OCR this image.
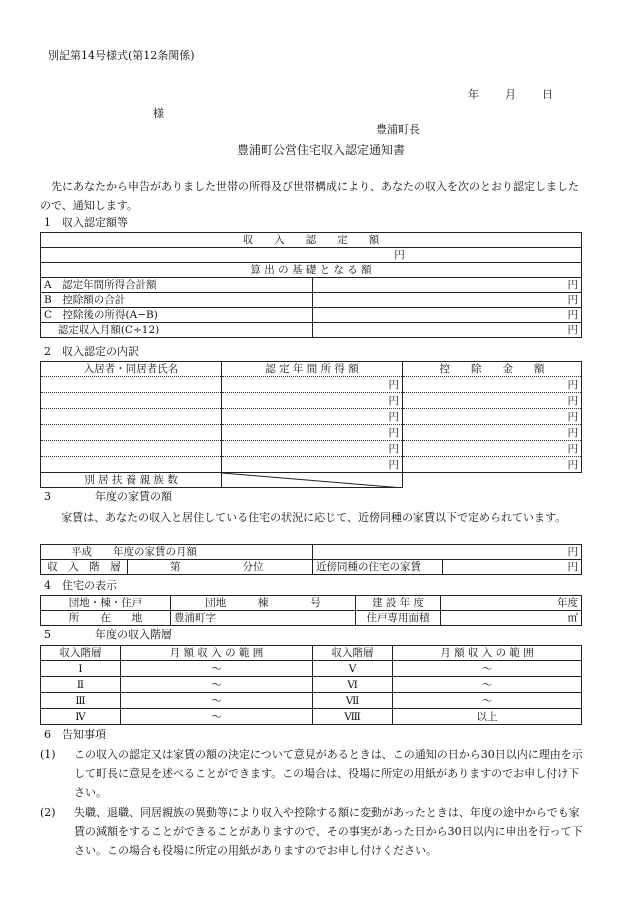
別記第14号様式(第12条関係)
年 月 日
様
豊浦町長
豊浦町公営住宅収入認定通知書
先にあなたから申告がありました世帯の所得及び世帯構成により、あなたの収入を次のとおり認定しましたので、通知します。
1　収入認定額等
収　　入　　認　　定　　額	
円	
算 出 の 基 礎 と な る 額	
A　認定年間所得合計額	円
B　控除額の合計	円
C　控除後の所得(A−B)	円
　 認定収入月額(C÷12)	円
2　収入認定の内訳
入居者・同居者氏名	認 定 年 間 所 得 額	控　　除　　金　　額
	円	円
	円	円
	円	円
	円	円
	円	円
	円	円
別 居 扶 養 親 族 数	

3　　　　年度の家賃の額
家賃は、あなたの収入と居住している住宅の状況に応じて、近傍同種の家賃以下で定められています。
平成　　年度の家賃の月額		円	
収　入　階　層	第 分位	近傍同種の住宅の家賃	円
4　住宅の表示
団地・棟・住戸	団地　　　棟　　　　号	建 設 年 度	年度
所　　在　　地	豊浦町字	住戸専用面積	㎡
5　　　　年度の収入階層
収入階層	月 額 収 入 の 範 囲	収入階層	月 額 収 入 の 範 囲
Ⅰ	〜	Ⅴ	〜
Ⅱ	〜	Ⅵ	〜
Ⅲ	〜	Ⅶ	〜
Ⅳ	〜	Ⅷ	以上
6　告知事項
(1) この収入の認定又は家賃の額の決定について意見があるときは、この通知の日から30日以内に理由を示して町長に意見を述べることができます。この場合は、役場に所定の用紙がありますのでお申し付け下さい。
(2) 失職、退職、同居親族の異動等により収入や控除する額に変動があったときは、年度の途中からでも家賃の減額をすることができることがありますので、その事実があった日から30日以内に申出を行って下さい。この場合も役場に所定の用紙がありますのでお申し付けください。
